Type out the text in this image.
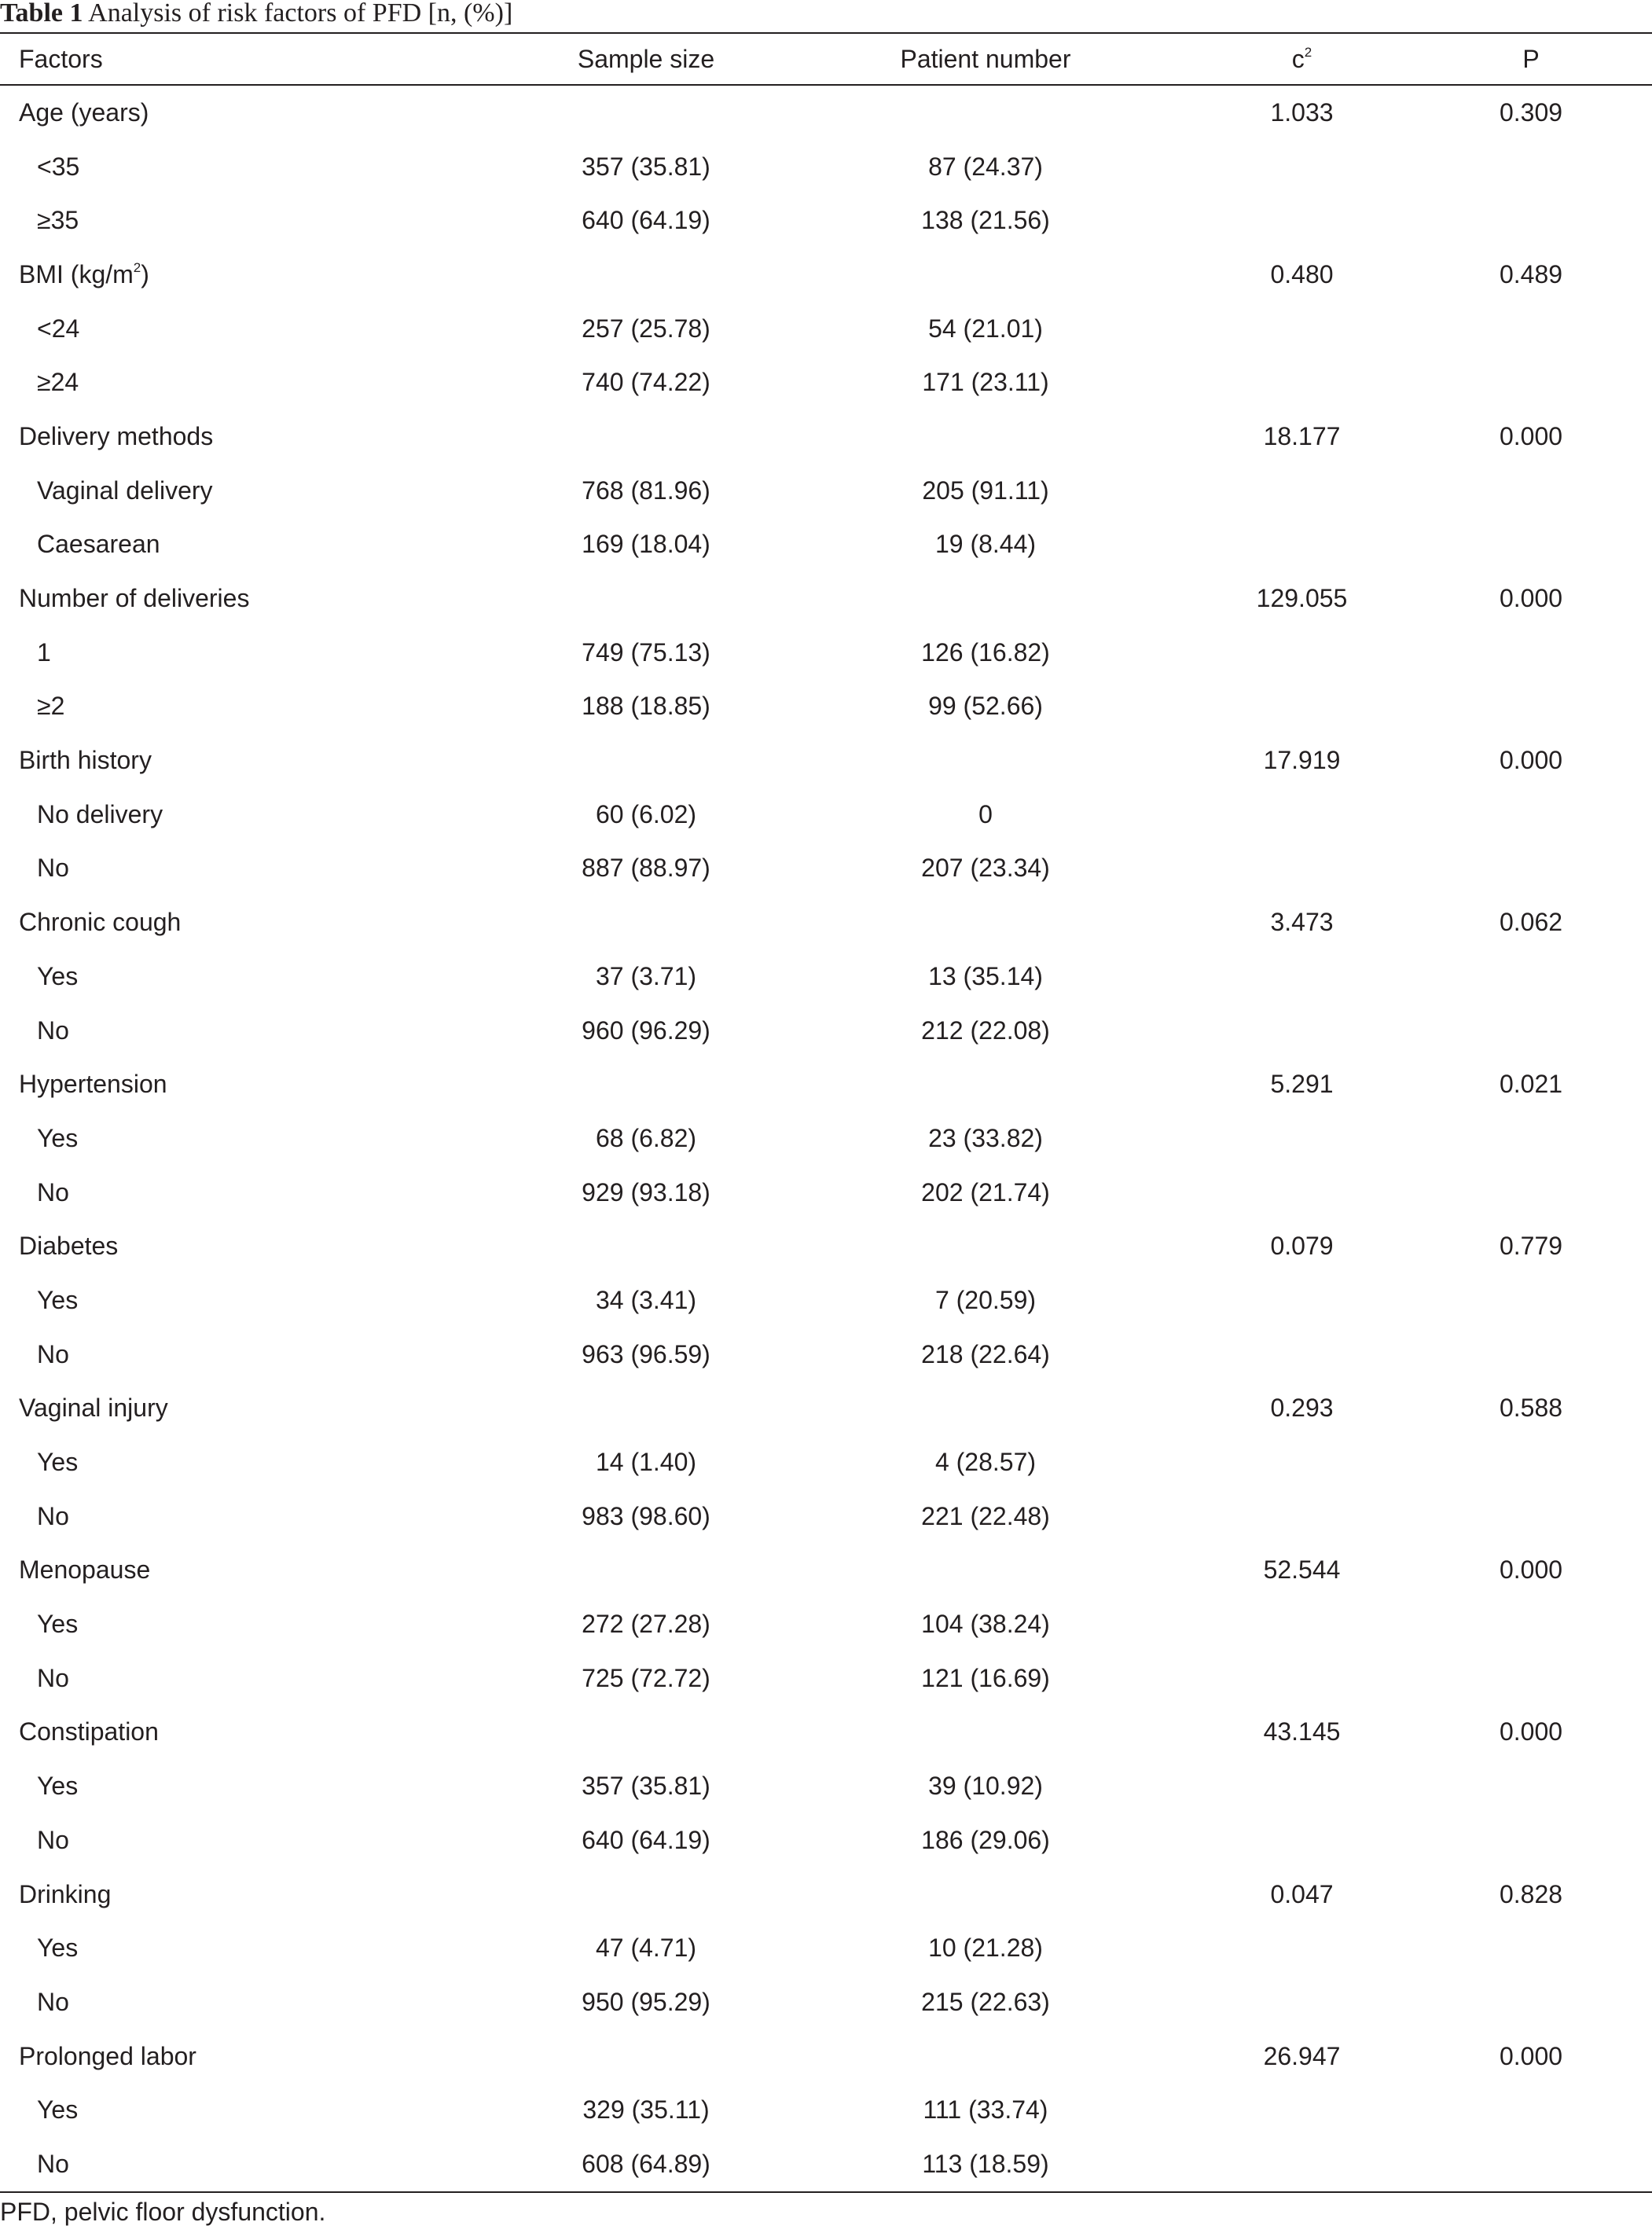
Table 1 Analysis of risk factors of PFD [n, (%)]
Factors	Sample size	Patient number	$c^2$	P
Age (years)			1.033	0.309
<35	357 (35.81)	87 (24.37)		
≥35	640 (64.19)	138 (21.56)		
BMI $(kg/m^2)$			0.480	0.489
<24	257 (25.78)	54 (21.01)		
≥24	740 (74.22)	171 (23.11)		
Delivery methods			18.177	0.000
Vaginal delivery	768 (81.96)	205 (91.11)		
Caesarean	169 (18.04)	19 (8.44)		
Number of deliveries			129.055	0.000
1	749 (75.13)	126 (16.82)		
≥2	188 (18.85)	99 (52.66)		
Birth history			17.919	0.000
No delivery	60 (6.02)	0		
No	887 (88.97)	207 (23.34)		
Chronic cough			3.473	0.062
Yes	37 (3.71)	13 (35.14)		
No	960 (96.29)	212 (22.08)		
Hypertension			5.291	0.021
Yes	68 (6.82)	23 (33.82)		
No	929 (93.18)	202 (21.74)		
Diabetes			0.079	0.779
Yes	34 (3.41)	7 (20.59)		
No	963 (96.59)	218 (22.64)		
Vaginal injury			0.293	0.588
Yes	14 (1.40)	4 (28.57)		
No	983 (98.60)	221 (22.48)		
Menopause			52.544	0.000
Yes	272 (27.28)	104 (38.24)		
No	725 (72.72)	121 (16.69)		
Constipation			43.145	0.000
Yes	357 (35.81)	39 (10.92)		
No	640 (64.19)	186 (29.06)		
Drinking			0.047	0.828
Yes	47 (4.71)	10 (21.28)		
No	950 (95.29)	215 (22.63)		
Prolonged labor			26.947	0.000
Yes	329 (35.11)	111 (33.74)		
No	608 (64.89)	113 (18.59)		
PFD, pelvic floor dysfunction.
